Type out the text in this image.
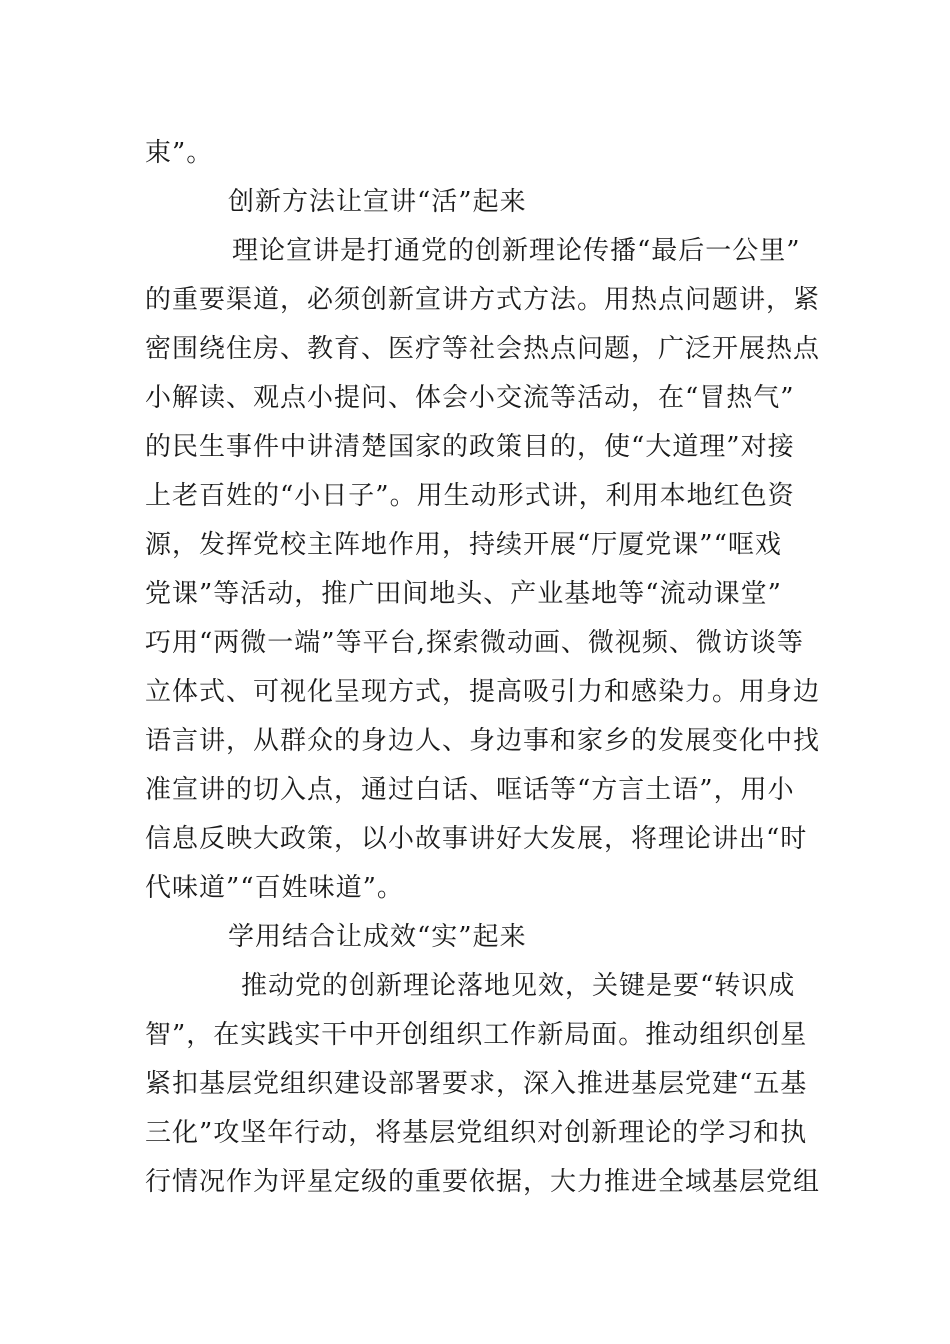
束”。
创新方法让宣讲“活”起来
理论宣讲是打通党的创新理论传播“最后一公里”
的重要渠道，必须创新宣讲方式方法。用热点问题讲，紧
密围绕住房、教育、医疗等社会热点问题，广泛开展热点
小解读、观点小提问、体会小交流等活动，在“冒热气”
的民生事件中讲清楚国家的政策目的，使“大道理”对接
上老百姓的“小日子”。用生动形式讲，利用本地红色资
源，发挥党校主阵地作用，持续开展“厅厦党课”“哐戏
党课”等活动，推广田间地头、产业基地等“流动课堂”
巧用“两微一端”等平台,探索微动画、微视频、微访谈等
立体式、可视化呈现方式，提高吸引力和感染力。用身边
语言讲，从群众的身边人、身边事和家乡的发展变化中找
准宣讲的切入点，通过白话、哐话等“方言土语”，用小
信息反映大政策，以小故事讲好大发展，将理论讲出“时
代味道”“百姓味道”。
学用结合让成效“实”起来
推动党的创新理论落地见效，关键是要“转识成
智”，在实践实干中开创组织工作新局面。推动组织创星
紧扣基层党组织建设部署要求，深入推进基层党建“五基
三化”攻坚年行动，将基层党组织对创新理论的学习和执
行情况作为评星定级的重要依据，大力推进全域基层党组
